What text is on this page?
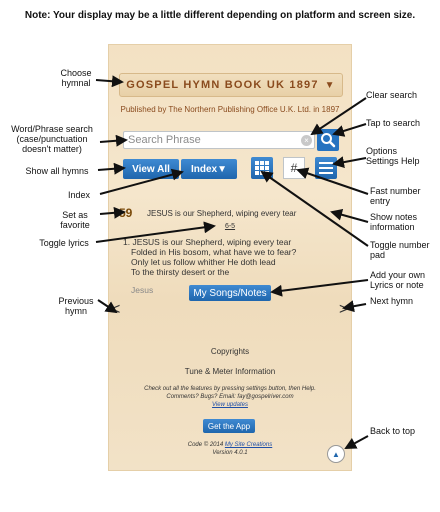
Note: Your display may be a little different depending on platform and screen size.
GOSPEL HYMN BOOK UK 1897 ▼
Published by The Northern Publishing Office U.K. Ltd. in 1897
Search Phrase	×
View All	Index▼	#
59	JESUS is our Shepherd, wiping every tear	▼
6-5
1. JESUS is our Shepherd, wiping every tear
Folded in His bosom, what have we to fear?
Only let us follow whither He doth lead
To the thirsty desert or the
Jesus	My Songs/Notes
<	>
Copyrights
Tune & Meter Information
Check out all the features by pressing settings button, then Help.
Comments? Bugs? Email: fay@gospelriver.com
View updates
Get the App
Code © 2014 My Site Creations
Version 4.0.1	▲
Choose hymnal
Word/Phrase search (case/punctuation doesn't matter)
Show all hymns
Index
Set as favorite
Toggle lyrics
Previous hymn
Clear search
Tap to search
Options Settings Help
Fast number entry
Show notes information
Toggle number pad
Add your own Lyrics or note
Next hymn
Back to top
